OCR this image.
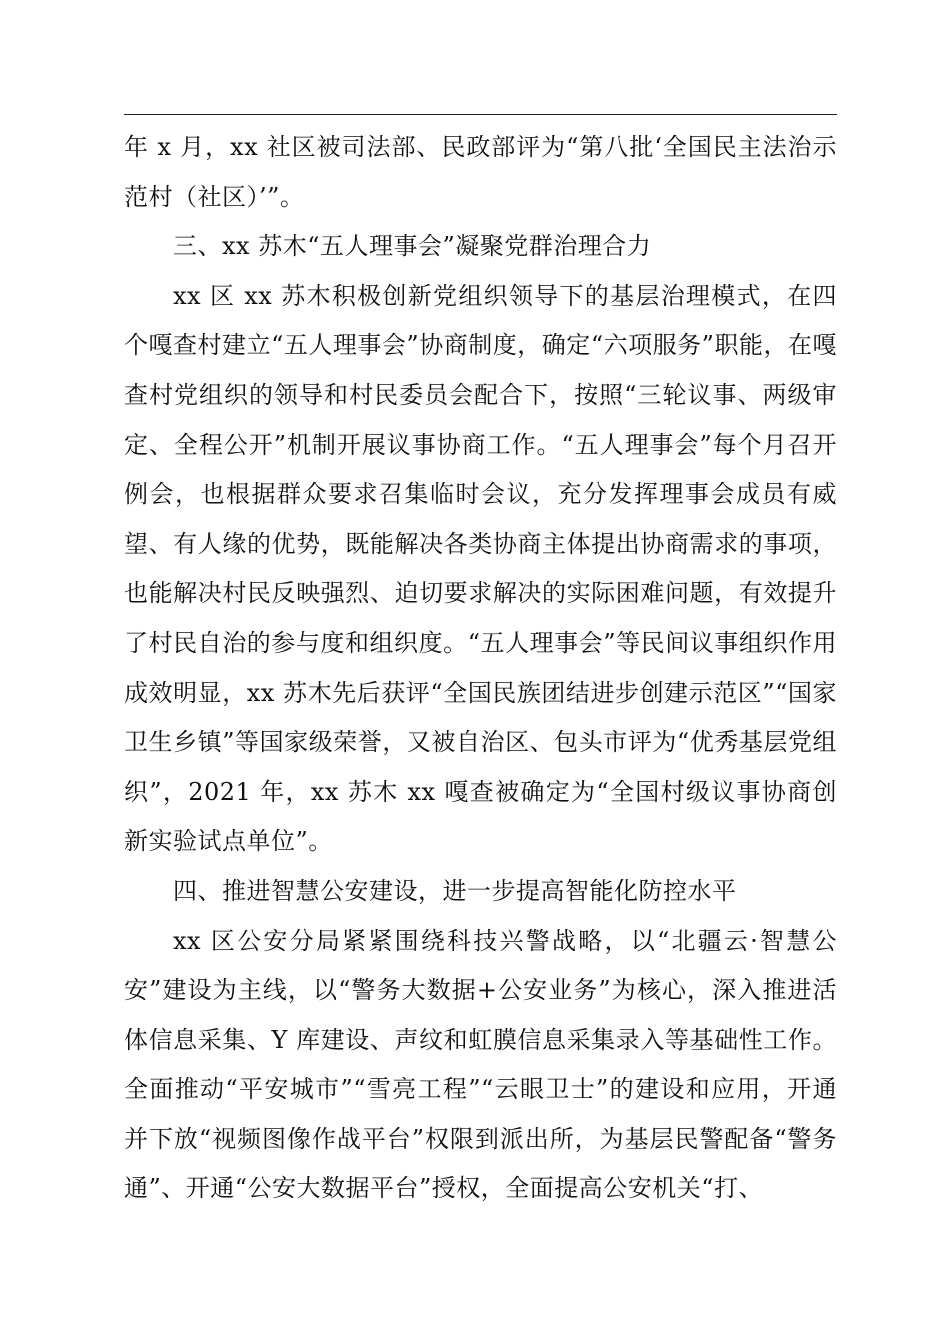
年 x 月，xx 社区被司法部、民政部评为“第八批‘全国民主法治示范村（社区）’”。

三、xx 苏木“五人理事会”凝聚党群治理合力

xx 区 xx 苏木积极创新党组织领导下的基层治理模式，在四个嘎查村建立“五人理事会”协商制度，确定“六项服务”职能，在嘎查村党组织的领导和村民委员会配合下，按照“三轮议事、两级审定、全程公开”机制开展议事协商工作。“五人理事会”每个月召开例会，也根据群众要求召集临时会议，充分发挥理事会成员有威望、有人缘的优势，既能解决各类协商主体提出协商需求的事项，也能解决村民反映强烈、迫切要求解决的实际困难问题，有效提升了村民自治的参与度和组织度。“五人理事会”等民间议事组织作用成效明显，xx 苏木先后获评“全国民族团结进步创建示范区”“国家卫生乡镇”等国家级荣誉，又被自治区、包头市评为“优秀基层党组织”，2021 年，xx 苏木 xx 嘎查被确定为“全国村级议事协商创新实验试点单位”。

四、推进智慧公安建设，进一步提高智能化防控水平

xx 区公安分局紧紧围绕科技兴警战略，以“北疆云·智慧公安”建设为主线，以“警务大数据+公安业务”为核心，深入推进活体信息采集、Y 库建设、声纹和虹膜信息采集录入等基础性工作。全面推动“平安城市”“雪亮工程”“云眼卫士”的建设和应用，开通并下放“视频图像作战平台”权限到派出所，为基层民警配备“警务通”、开通“公安大数据平台”授权，全面提高公安机关“打、
